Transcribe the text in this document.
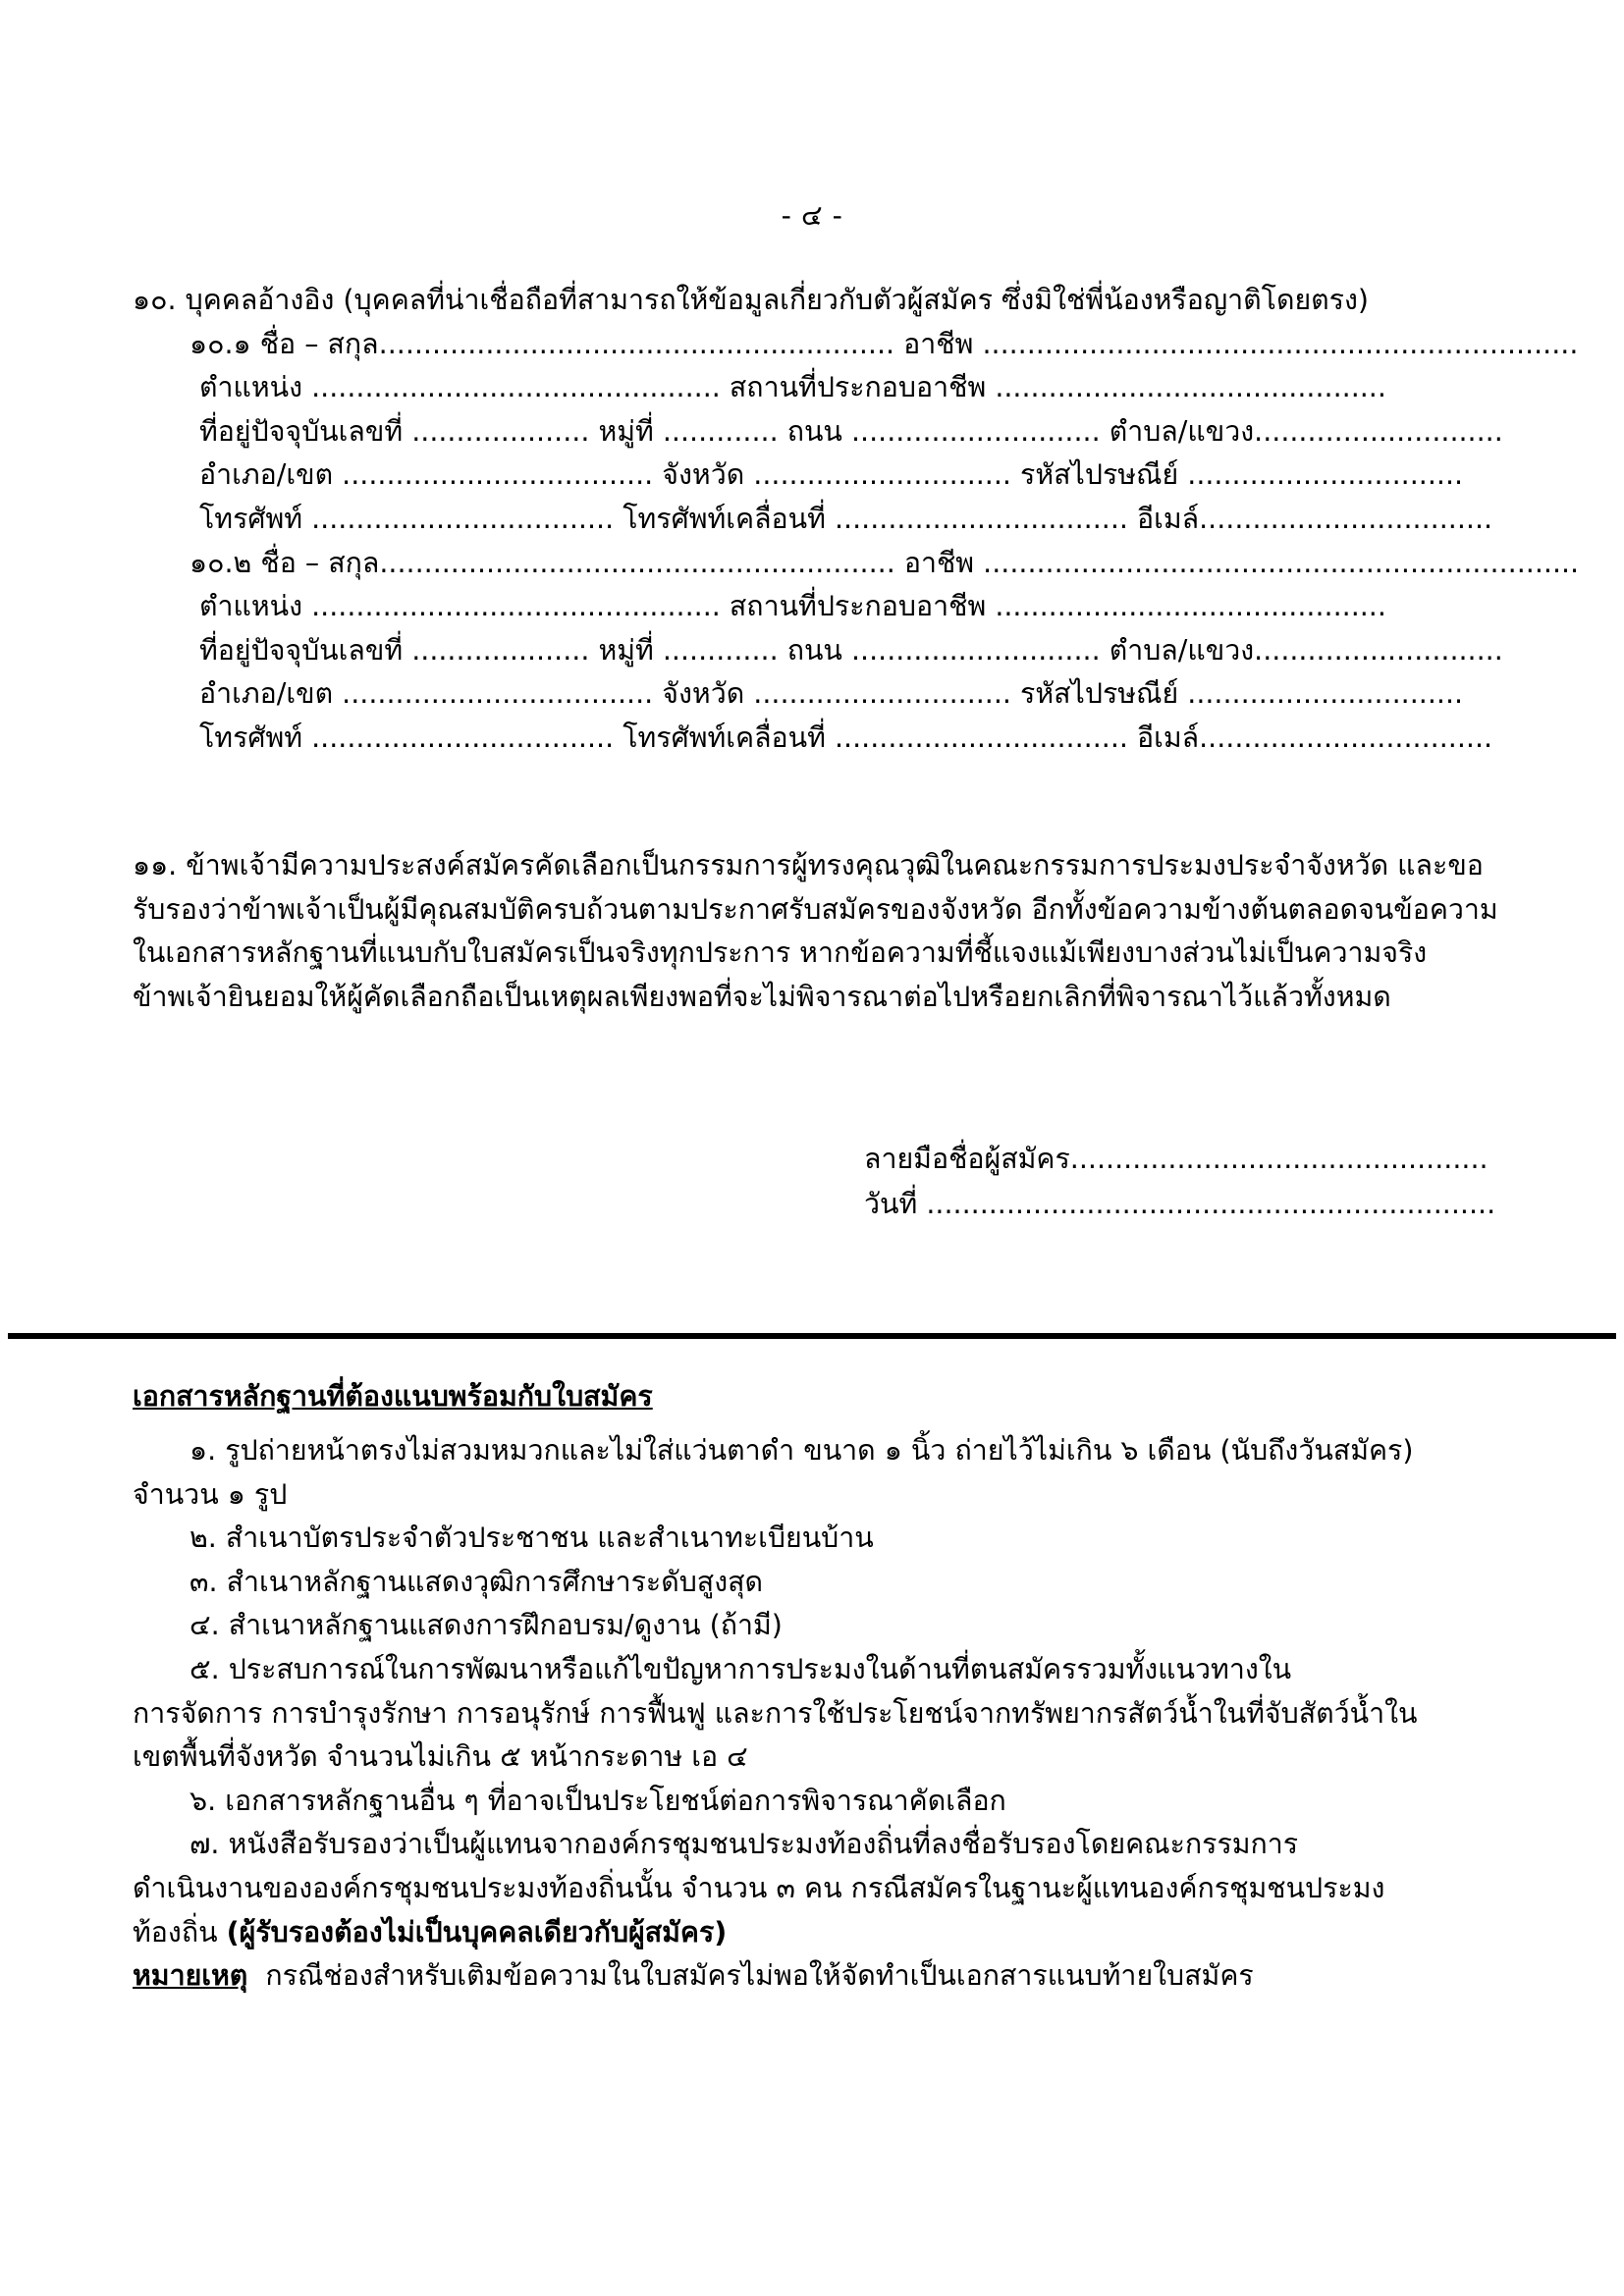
- ๔ -
๑๐. บุคคลอ้างอิง (บุคคลที่น่าเชื่อถือที่สามารถให้ข้อมูลเกี่ยวกับตัวผู้สมัคร ซึ่งมิใช่พี่น้องหรือญาติโดยตรง)
๑๐.๑ ชื่อ – สกุล.......................................................... อาชีพ ...................................................................
ตำแหน่ง .............................................. สถานที่ประกอบอาชีพ ............................................
ที่อยู่ปัจจุบันเลขที่ .................... หมู่ที่ ............. ถนน ............................ ตำบล/แขวง............................
อำเภอ/เขต ................................... จังหวัด ............................. รหัสไปรษณีย์ ...............................
โทรศัพท์ .................................. โทรศัพท์เคลื่อนที่ ................................. อีเมล์.................................
๑๐.๒ ชื่อ – สกุล.......................................................... อาชีพ ...................................................................
ตำแหน่ง .............................................. สถานที่ประกอบอาชีพ ............................................
ที่อยู่ปัจจุบันเลขที่ .................... หมู่ที่ ............. ถนน ............................ ตำบล/แขวง............................
อำเภอ/เขต ................................... จังหวัด ............................. รหัสไปรษณีย์ ...............................
โทรศัพท์ .................................. โทรศัพท์เคลื่อนที่ ................................. อีเมล์.................................
๑๑. ข้าพเจ้ามีความประสงค์สมัครคัดเลือกเป็นกรรมการผู้ทรงคุณวุฒิในคณะกรรมการประมงประจำจังหวัด และขอ
รับรองว่าข้าพเจ้าเป็นผู้มีคุณสมบัติครบถ้วนตามประกาศรับสมัครของจังหวัด อีกทั้งข้อความข้างต้นตลอดจนข้อความ
ในเอกสารหลักฐานที่แนบกับใบสมัครเป็นจริงทุกประการ หากข้อความที่ชี้แจงแม้เพียงบางส่วนไม่เป็นความจริง
ข้าพเจ้ายินยอมให้ผู้คัดเลือกถือเป็นเหตุผลเพียงพอที่จะไม่พิจารณาต่อไปหรือยกเลิกที่พิจารณาไว้แล้วทั้งหมด
ลายมือชื่อผู้สมัคร...............................................
วันที่ ................................................................
เอกสารหลักฐานที่ต้องแนบพร้อมกับใบสมัคร
๑. รูปถ่ายหน้าตรงไม่สวมหมวกและไม่ใส่แว่นตาดำ ขนาด ๑ นิ้ว ถ่ายไว้ไม่เกิน ๖ เดือน (นับถึงวันสมัคร)
จำนวน ๑ รูป
๒. สำเนาบัตรประจำตัวประชาชน และสำเนาทะเบียนบ้าน
๓. สำเนาหลักฐานแสดงวุฒิการศึกษาระดับสูงสุด
๔. สำเนาหลักฐานแสดงการฝึกอบรม/ดูงาน (ถ้ามี)
๕. ประสบการณ์ในการพัฒนาหรือแก้ไขปัญหาการประมงในด้านที่ตนสมัครรวมทั้งแนวทางใน
การจัดการ การบำรุงรักษา การอนุรักษ์ การฟื้นฟู และการใช้ประโยชน์จากทรัพยากรสัตว์น้ำในที่จับสัตว์น้ำใน
เขตพื้นที่จังหวัด จำนวนไม่เกิน ๕ หน้ากระดาษ เอ ๔
๖. เอกสารหลักฐานอื่น ๆ ที่อาจเป็นประโยชน์ต่อการพิจารณาคัดเลือก
๗. หนังสือรับรองว่าเป็นผู้แทนจากองค์กรชุมชนประมงท้องถิ่นที่ลงชื่อรับรองโดยคณะกรรมการ
ดำเนินงานขององค์กรชุมชนประมงท้องถิ่นนั้น จำนวน ๓ คน กรณีสมัครในฐานะผู้แทนองค์กรชุมชนประมง
ท้องถิ่น (ผู้รับรองต้องไม่เป็นบุคคลเดียวกับผู้สมัคร)
หมายเหตุ  กรณีช่องสำหรับเติมข้อความในใบสมัครไม่พอให้จัดทำเป็นเอกสารแนบท้ายใบสมัคร
